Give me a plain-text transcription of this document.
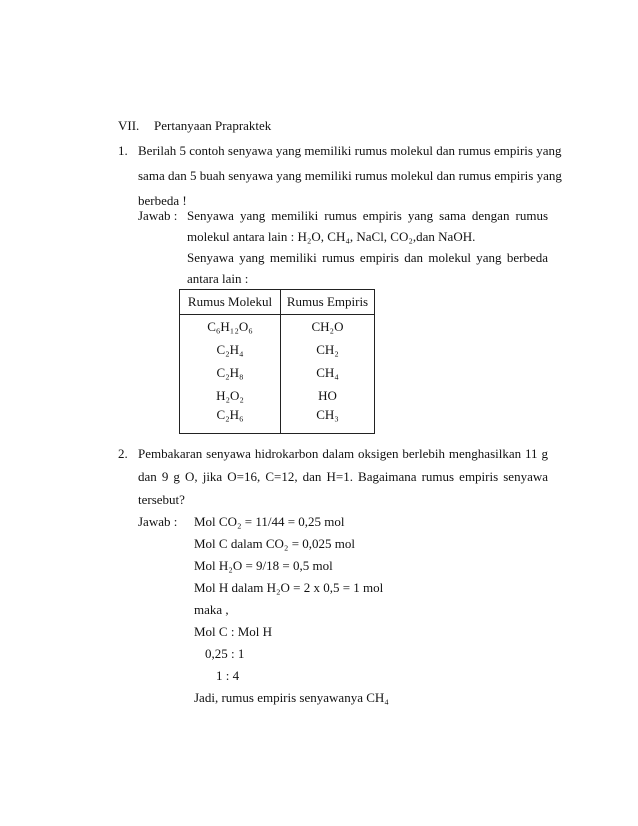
VII. Pertanyaan Prapraktek
1. Berilah 5 contoh senyawa yang memiliki rumus molekul dan rumus empiris yang
sama dan 5 buah senyawa yang memiliki rumus molekul dan rumus empiris yang
berbeda !
Jawab : Senyawa yang memiliki rumus empiris yang sama dengan rumus
molekul antara lain : H₂O, CH₄, NaCl, CO₂,dan NaOH.
Senyawa yang memiliki rumus empiris dan molekul yang berbeda
antara lain :
Rumus Molekul	Rumus Empiris
C₆H₁₂O₆	CH₂O
C₂H₄	CH₂
C₂H₈	CH₄
H₂O₂	HO
C₂H₆	CH₃
2. Pembakaran senyawa hidrokarbon dalam oksigen berlebih menghasilkan 11 g
dan 9 g O, jika O=16, C=12, dan H=1. Bagaimana rumus empiris senyawa
tersebut?
Jawab : Mol CO₂ = 11/44 = 0,25 mol
Mol C dalam CO₂ = 0,025 mol
Mol H₂O = 9/18 = 0,5 mol
Mol H dalam H₂O = 2 x 0,5 = 1 mol
maka ,
Mol C : Mol H
0,25 : 1
1 : 4
Jadi, rumus empiris senyawanya CH₄
